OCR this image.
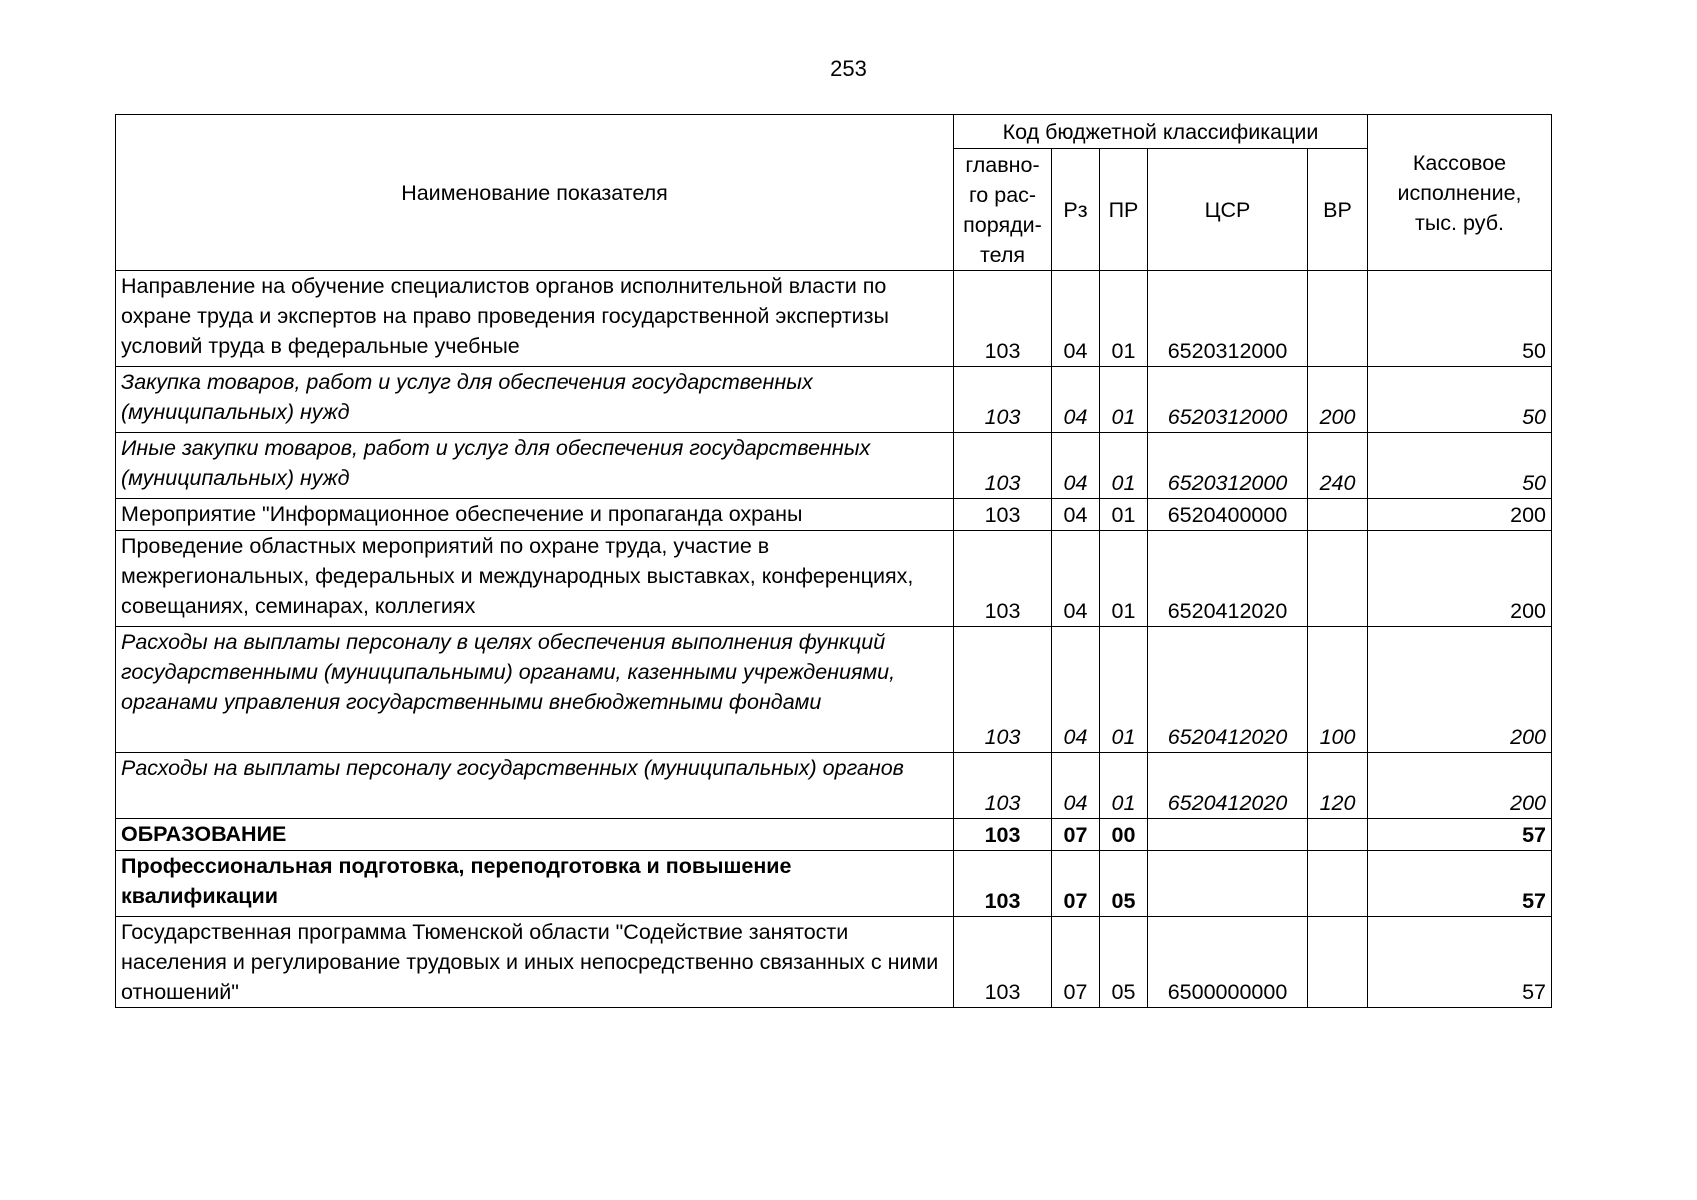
253

Наименование показателя	Код бюджетной классификации					Кассовое
исполнение,
тыс. руб.

	главно-
го рас-
поряди-
теля	Рз	ПР	ЦСР	ВР	
Направление на обучение специалистов органов исполнительной власти по охране труда и экспертов на право проведения государственной экспертизы условий труда в федеральные учебные	103	04	01	6520312000		50
Закупка товаров, работ и услуг для обеспечения государственных (муниципальных) нужд	103	04	01	6520312000	200	50
Иные закупки товаров, работ и услуг для обеспечения государственных (муниципальных) нужд	103	04	01	6520312000	240	50
Мероприятие "Информационное обеспечение и пропаганда охраны	103	04	01	6520400000		200
Проведение областных мероприятий по охране труда, участие в межрегиональных, федеральных и международных выставках, конференциях, совещаниях, семинарах, коллегиях	103	04	01	6520412020		200
Расходы на выплаты персоналу в целях обеспечения выполнения функций государственными (муниципальными) органами, казенными учреждениями, органами управления государственными внебюджетными фондами	103	04	01	6520412020	100	200
Расходы на выплаты персоналу государственных (муниципальных) органов	103	04	01	6520412020	120	200
ОБРАЗОВАНИЕ	103	07	00			57
Профессиональная подготовка, переподготовка и повышение квалификации	103	07	05			57
Государственная программа Тюменской области "Содействие занятости населения и регулирование трудовых и иных непосредственно связанных с ними отношений"	103	07	05	6500000000		57
